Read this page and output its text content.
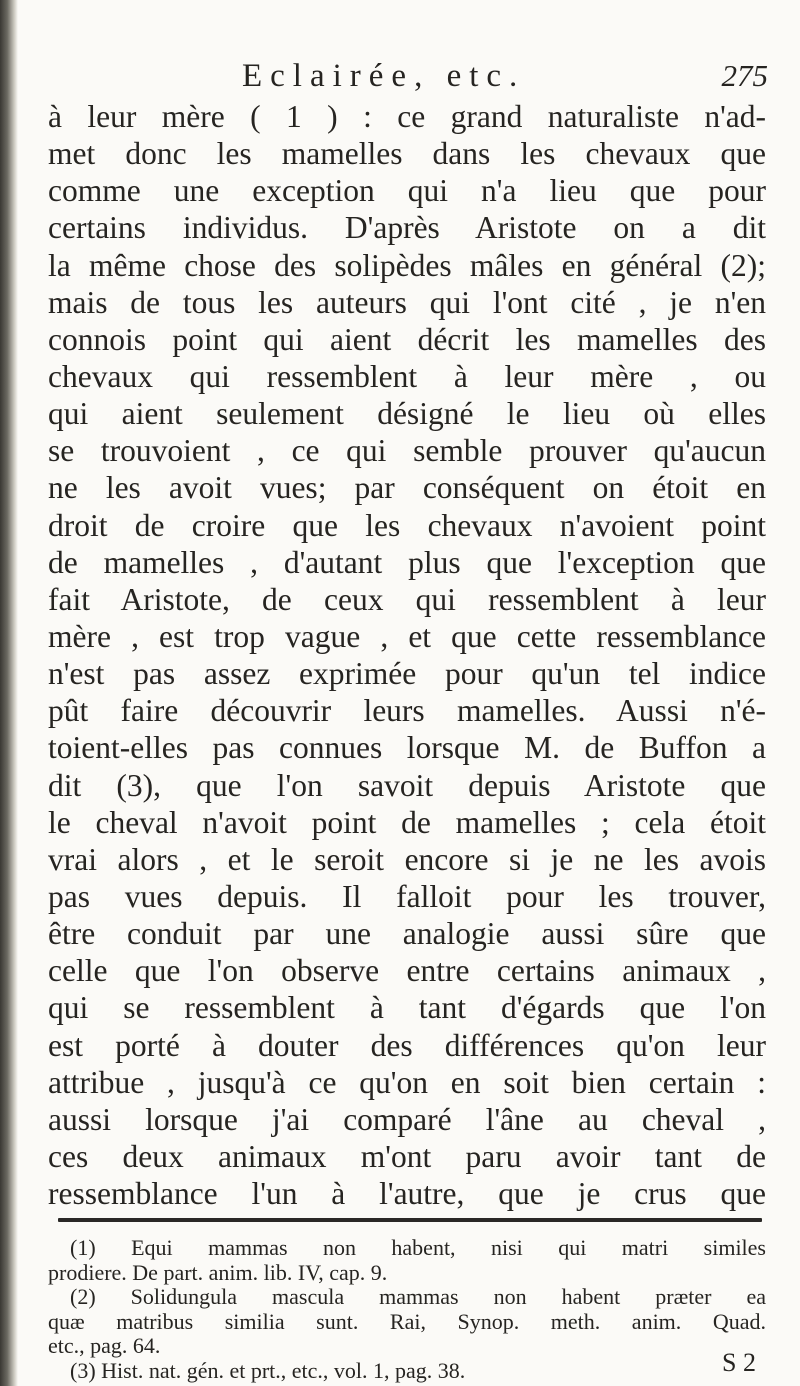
Eclairée, etc.	275
à leur mère ( 1 ) : ce grand naturaliste n'ad-
met donc les mamelles dans les chevaux que
comme une exception qui n'a lieu que pour
certains individus. D'après Aristote on a dit
la même chose des solipèdes mâles en général (2);
mais de tous les auteurs qui l'ont cité , je n'en
connois point qui aient décrit les mamelles des
chevaux qui ressemblent à leur mère , ou
qui aient seulement désigné le lieu où elles
se trouvoient , ce qui semble prouver qu'aucun
ne les avoit vues; par conséquent on étoit en
droit de croire que les chevaux n'avoient point
de mamelles , d'autant plus que l'exception que
fait Aristote, de ceux qui ressemblent à leur
mère , est trop vague , et que cette ressemblance
n'est pas assez exprimée pour qu'un tel indice
pût faire découvrir leurs mamelles. Aussi n'é-
toient-elles pas connues lorsque M. de Buffon a
dit (3), que l'on savoit depuis Aristote que
le cheval n'avoit point de mamelles ; cela étoit
vrai alors , et le seroit encore si je ne les avois
pas vues depuis. Il falloit pour les trouver,
être conduit par une analogie aussi sûre que
celle que l'on observe entre certains animaux ,
qui se ressemblent à tant d'égards que l'on
est porté à douter des différences qu'on leur
attribue , jusqu'à ce qu'on en soit bien certain :
aussi lorsque j'ai comparé l'âne au cheval ,
ces deux animaux m'ont paru avoir tant de
ressemblance l'un à l'autre, que je crus que
(1) Equi mammas non habent, nisi qui matri similes
prodiere. De part. anim. lib. IV, cap. 9.
(2) Solidungula mascula mammas non habent præter ea
quæ matribus similia sunt. Rai, Synop. meth. anim. Quad.
etc., pag. 64.
(3) Hist. nat. gén. et prt., etc., vol. 1, pag. 38.	S 2
